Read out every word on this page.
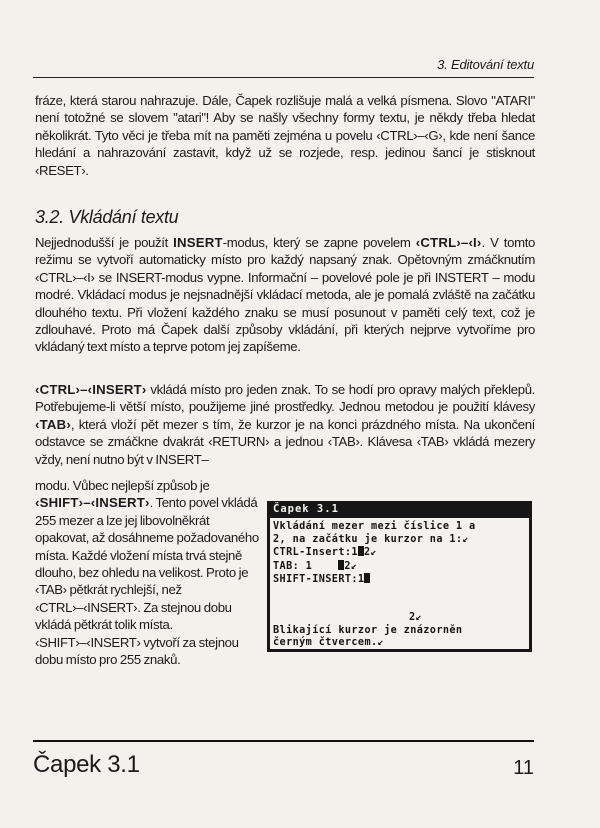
3. Editování textu

fráze, která starou nahrazuje. Dále, Čapek rozlišuje malá a velká písmena. Slovo "ATARI" není totožné se slovem "atari"! Aby se našly všechny formy textu, je někdy třeba hledat několikrát. Tyto věci je třeba mít na paměti zejména u povelu ‹CTRL›–‹G›, kde není šance hledání a nahrazování zastavit, když už se rozjede, resp. jedinou šancí je stisknout ‹RESET›.

3.2. Vkládání textu

Nejjednodušší je použít INSERT-modus, který se zapne povelem ‹CTRL›–‹I›. V tomto režimu se vytvoří automaticky místo pro každý napsaný znak. Opětovným zmáčknutím ‹CTRL›–‹I› se INSERT-modus vypne. Informační – povelové pole je při INSTERT – modu modré. Vkládací modus je nejsnadnější vkládací metoda, ale je pomalá zvláště na začátku dlouhého textu. Při vložení každého znaku se musí posunout v paměti celý text, což je zdlouhavé. Proto má Čapek další způsoby vkládání, při kterých nejprve vytvoříme pro vkládaný text místo a teprve potom jej zapíšeme.

‹CTRL›–‹INSERT› vkládá místo pro jeden znak. To se hodí pro opravy malých překlepů. Potřebujeme-li větší místo, použijeme jiné prostředky. Jednou metodou je použití klávesy ‹TAB›, která vloží pět mezer s tím, že kurzor je na konci prázdného místa. Na ukončení odstavce se zmáčkne dvakrát ‹RETURN› a jednou ‹TAB›. Klávesa ‹TAB› vkládá mezery vždy, není nutno být v INSERT–

modu. Vůbec nejlepší způsob je ‹SHIFT›–‹INSERT›. Tento povel vkládá 255 mezer a lze jej libovolněkrát opakovat, až dosáhneme požadovaného místa. Každé vložení místa trvá stejně dlouho, bez ohledu na velikost. Proto je ‹TAB› pětkrát rychlejší, než ‹CTRL›–‹INSERT›. Za stejnou dobu vkládá pětkrát tolik místa. ‹SHIFT›–‹INSERT› vytvoří za stejnou dobu místo pro 255 znaků.

Čapek 3.1
Vkládání mezer mezi číslice 1 a
2, na začátku je kurzor na 1:↙
CTRL-Insert:1 2↙
TAB: 1    2↙
SHIFT-INSERT:1
2↙
Blikající kurzor je znázorněn
černým čtvercem.↙
Čapek 3.1	11
